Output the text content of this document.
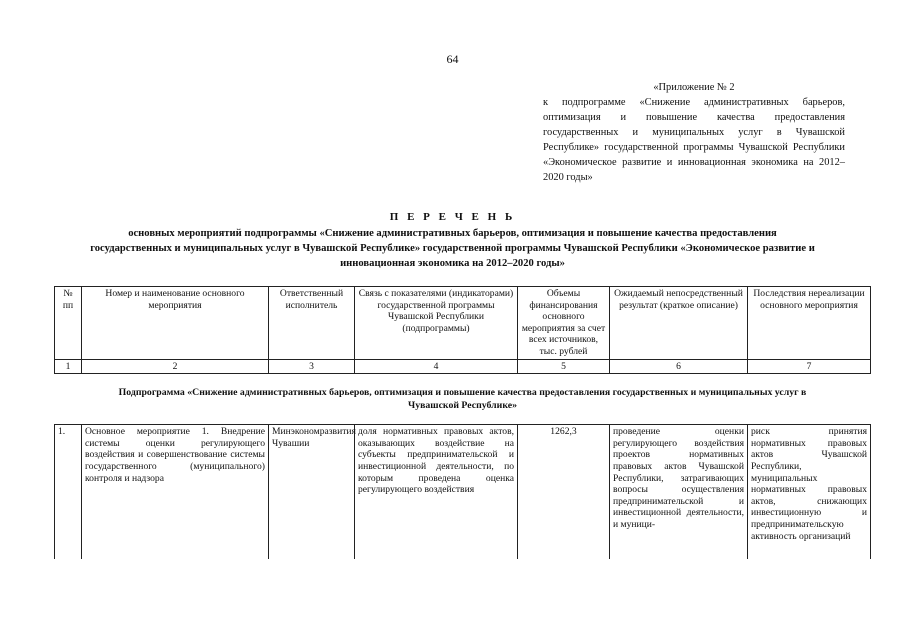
64
«Приложение № 2
к подпрограмме «Снижение административных барьеров, оптимизация и повышение качества предоставления государственных и муниципальных услуг в Чувашской Республике» государственной программы Чувашской Республики «Экономическое развитие и инновационная экономика на 2012–2020 годы»
П Е Р Е Ч Е Н Ь
основных мероприятий подпрограммы «Снижение административных барьеров, оптимизация и повышение качества предоставления государственных и муниципальных услуг в Чувашской Республике» государственной программы Чувашской Республики «Экономическое развитие и инновационная экономика на 2012–2020 годы»
№ пп	Номер и наименование основного мероприятия	Ответственный исполнитель	Связь с показателями (индикаторами) государственной программы Чувашской Республики (подпрограммы)	Объемы финансирования основного мероприятия за счет всех источников, тыс. рублей	Ожидаемый непосредственный результат (краткое описание)	Последствия нереализации основного мероприятия
1	2	3	4	5	6	7
Подпрограмма «Снижение административных барьеров, оптимизация и повышение качества предоставления государственных и муниципальных услуг в Чувашской Республике»						
1.	Основное мероприятие 1. Внедрение системы оценки регулирующего воздействия и совершенствование системы государственного (муниципального) контроля и надзора	Минэкономразвития Чувашии	доля нормативных правовых актов, оказывающих воздействие на субъекты предпринимательской и инвестиционной деятельности, по которым проведена оценка регулирующего воздействия	1262,3	проведение оценки регулирующего воздействия проектов нормативных правовых актов Чувашской Республики, затрагивающих вопросы осуществления предпринимательской и инвестиционной деятельности, и муници-	риск принятия нормативных правовых актов Чувашской Республики, муниципальных нормативных правовых актов, снижающих инвестиционную и предпринимательскую активность организаций
